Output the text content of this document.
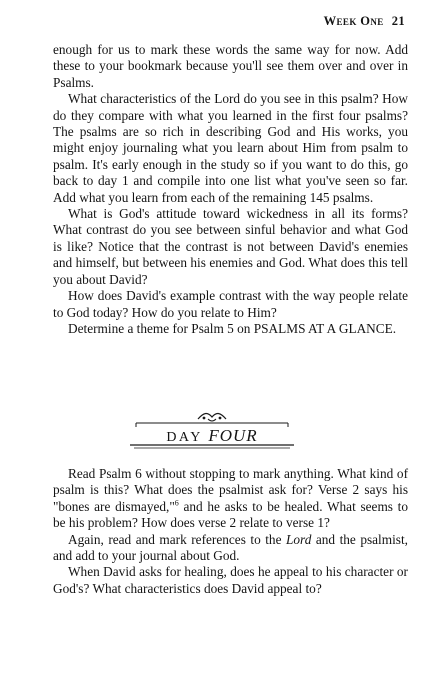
Week One 21

enough for us to mark these words the same way for now. Add these to your bookmark because you'll see them over and over in Psalms.

What characteristics of the Lord do you see in this psalm? How do they compare with what you learned in the first four psalms? The psalms are so rich in describing God and His works, you might enjoy journaling what you learn about Him from psalm to psalm. It's early enough in the study so if you want to do this, go back to day 1 and compile into one list what you've seen so far. Add what you learn from each of the remaining 145 psalms.

What is God's attitude toward wickedness in all its forms? What contrast do you see between sinful behavior and what God is like? Notice that the contrast is not between David's enemies and himself, but between his enemies and God. What does this tell you about David?

How does David's example contrast with the way people relate to God today? How do you relate to Him?

Determine a theme for Psalm 5 on PSALMS AT A GLANCE.

DAY FOUR

Read Psalm 6 without stopping to mark anything. What kind of psalm is this? What does the psalmist ask for? Verse 2 says his "bones are dismayed,"$^6$ and he asks to be healed. What seems to be his problem? How does verse 2 relate to verse 1?

Again, read and mark references to the Lord and the psalmist, and add to your journal about God.

When David asks for healing, does he appeal to his character or God's? What characteristics does David appeal to?
